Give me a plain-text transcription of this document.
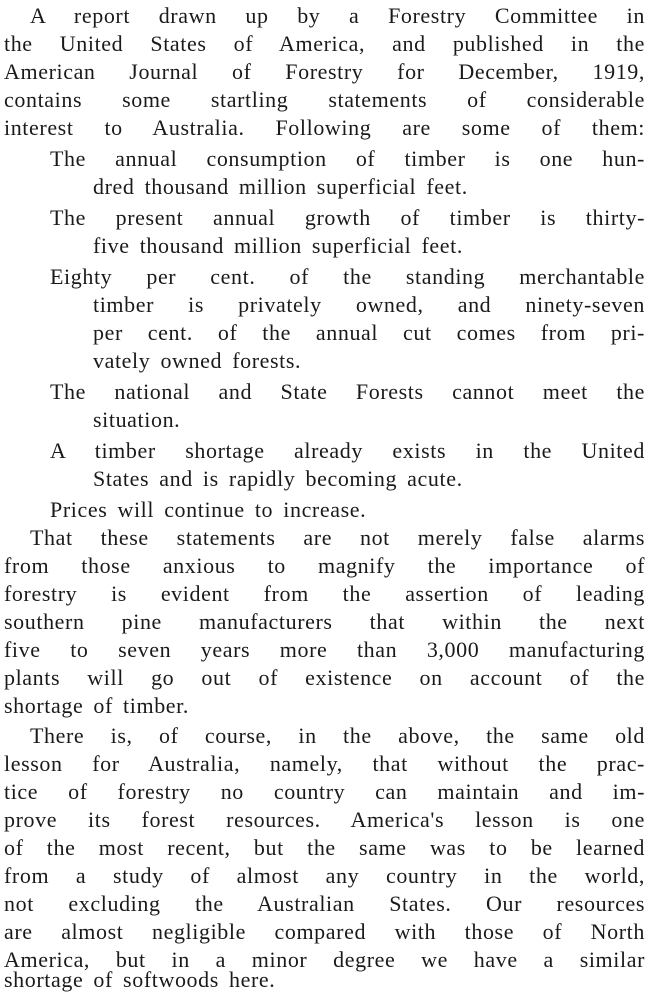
A report drawn up by a Forestry Committee in
the United States of America, and published in the
American Journal of Forestry for December, 1919,
contains some startling statements of considerable
interest to Australia. Following are some of them:
The annual consumption of timber is one hun-
dred thousand million superficial feet.
The present annual growth of timber is thirty-
five thousand million superficial feet.
Eighty per cent. of the standing merchantable
timber is privately owned, and ninety-seven
per cent. of the annual cut comes from pri-
vately owned forests.
The national and State Forests cannot meet the
situation.
A timber shortage already exists in the United
States and is rapidly becoming acute.
Prices will continue to increase.
That these statements are not merely false alarms
from those anxious to magnify the importance of
forestry is evident from the assertion of leading
southern pine manufacturers that within the next
five to seven years more than 3,000 manufacturing
plants will go out of existence on account of the
shortage of timber.
There is, of course, in the above, the same old
lesson for Australia, namely, that without the prac-
tice of forestry no country can maintain and im-
prove its forest resources. America's lesson is one
of the most recent, but the same was to be learned
from a study of almost any country in the world,
not excluding the Australian States. Our resources
are almost negligible compared with those of North
America, but in a minor degree we have a similar
shortage of softwoods here.
